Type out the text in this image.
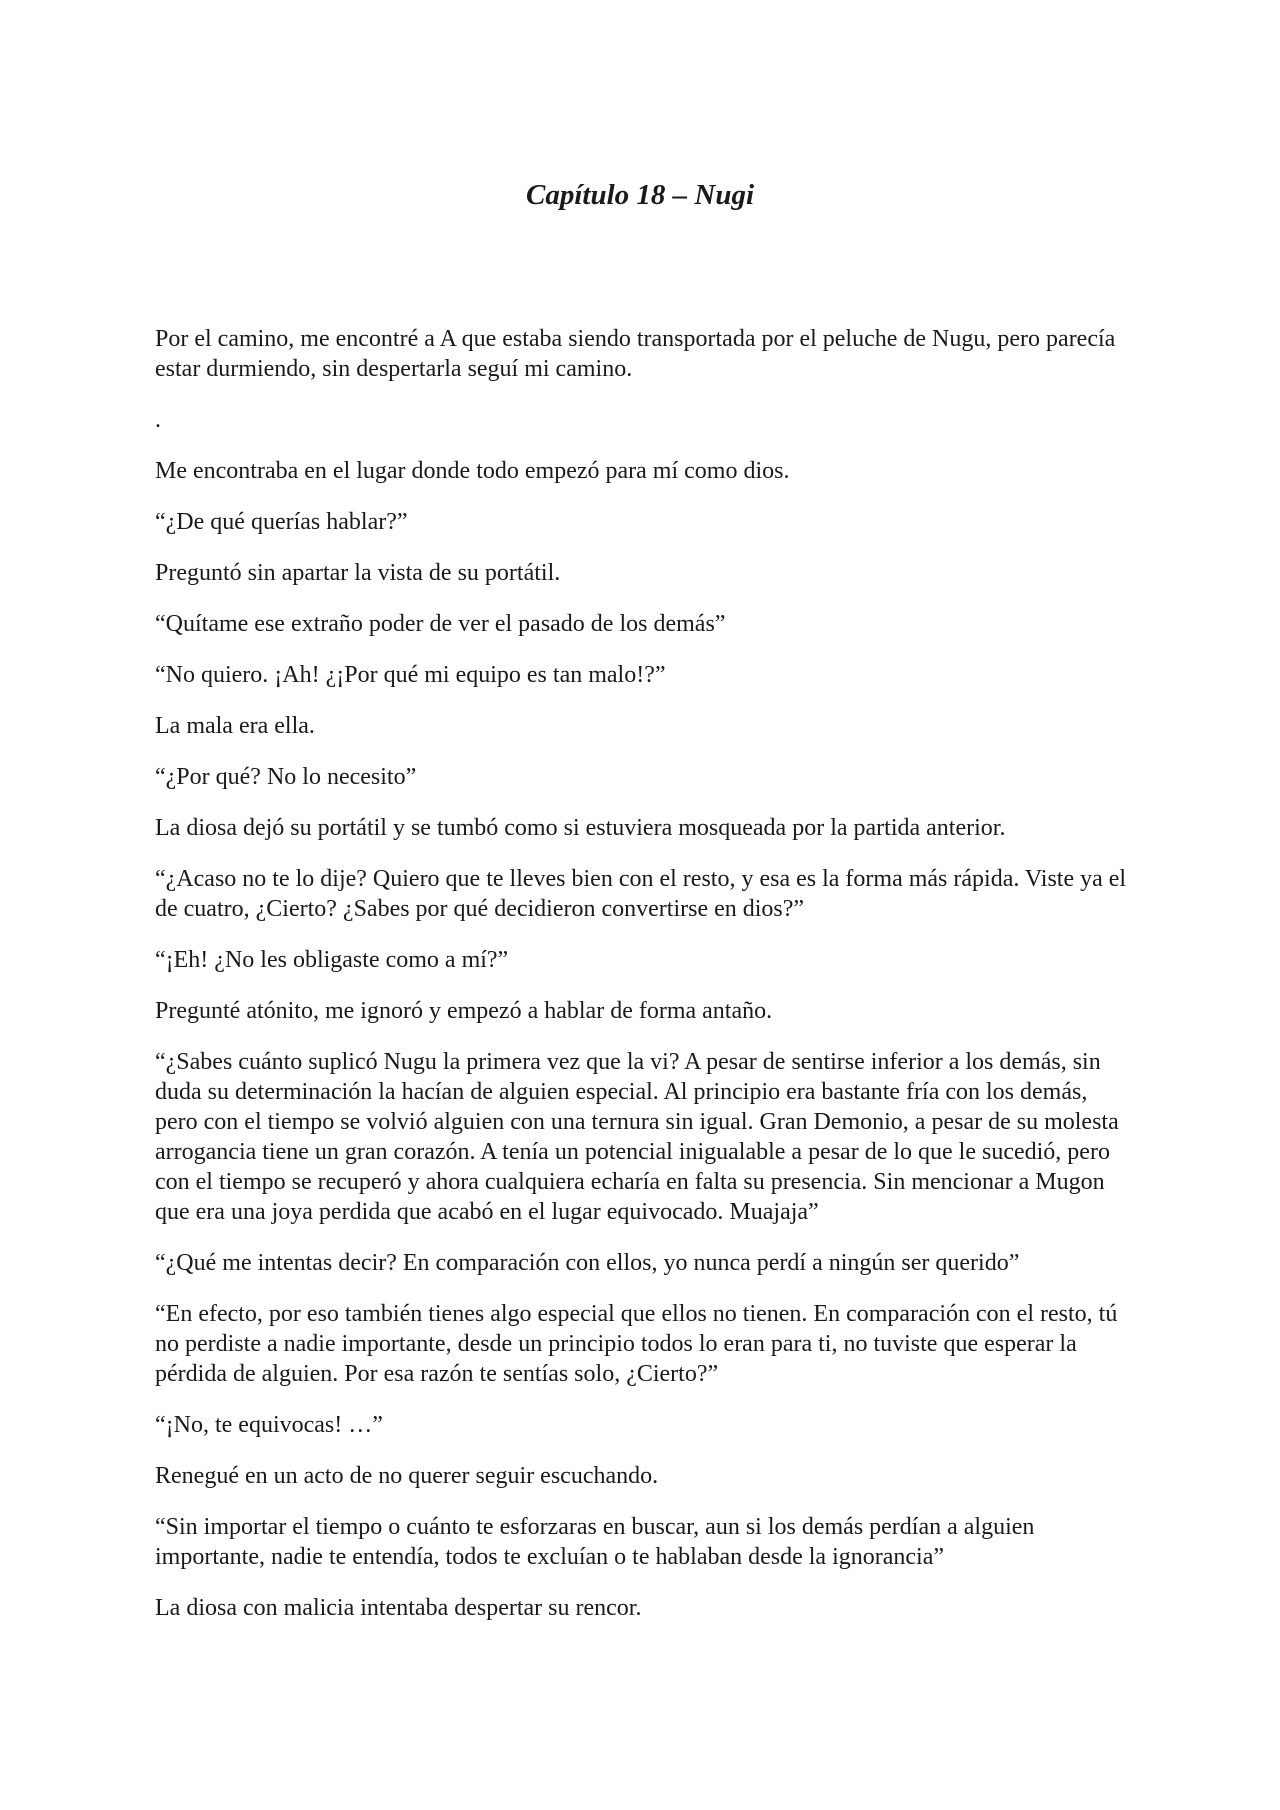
Capítulo 18 – Nugi

Por el camino, me encontré a A que estaba siendo transportada por el peluche de Nugu, pero parecía estar durmiendo, sin despertarla seguí mi camino.

.

Me encontraba en el lugar donde todo empezó para mí como dios.

“¿De qué querías hablar?”

Preguntó sin apartar la vista de su portátil.

“Quítame ese extraño poder de ver el pasado de los demás”

“No quiero. ¡Ah! ¿¡Por qué mi equipo es tan malo!?”

La mala era ella.

“¿Por qué? No lo necesito”

La diosa dejó su portátil y se tumbó como si estuviera mosqueada por la partida anterior.

“¿Acaso no te lo dije? Quiero que te lleves bien con el resto, y esa es la forma más rápida. Viste ya el de cuatro, ¿Cierto? ¿Sabes por qué decidieron convertirse en dios?”

“¡Eh! ¿No les obligaste como a mí?”

Pregunté atónito, me ignoró y empezó a hablar de forma antaño.

“¿Sabes cuánto suplicó Nugu la primera vez que la vi? A pesar de sentirse inferior a los demás, sin duda su determinación la hacían de alguien especial. Al principio era bastante fría con los demás, pero con el tiempo se volvió alguien con una ternura sin igual. Gran Demonio, a pesar de su molesta arrogancia tiene un gran corazón. A tenía un potencial inigualable a pesar de lo que le sucedió, pero con el tiempo se recuperó y ahora cualquiera echaría en falta su presencia. Sin mencionar a Mugon que era una joya perdida que acabó en el lugar equivocado. Muajaja”

“¿Qué me intentas decir? En comparación con ellos, yo nunca perdí a ningún ser querido”

“En efecto, por eso también tienes algo especial que ellos no tienen. En comparación con el resto, tú no perdiste a nadie importante, desde un principio todos lo eran para ti, no tuviste que esperar la pérdida de alguien. Por esa razón te sentías solo, ¿Cierto?”

“¡No, te equivocas! …”

Renegué en un acto de no querer seguir escuchando.

“Sin importar el tiempo o cuánto te esforzaras en buscar, aun si los demás perdían a alguien importante, nadie te entendía, todos te excluían o te hablaban desde la ignorancia”

La diosa con malicia intentaba despertar su rencor.
